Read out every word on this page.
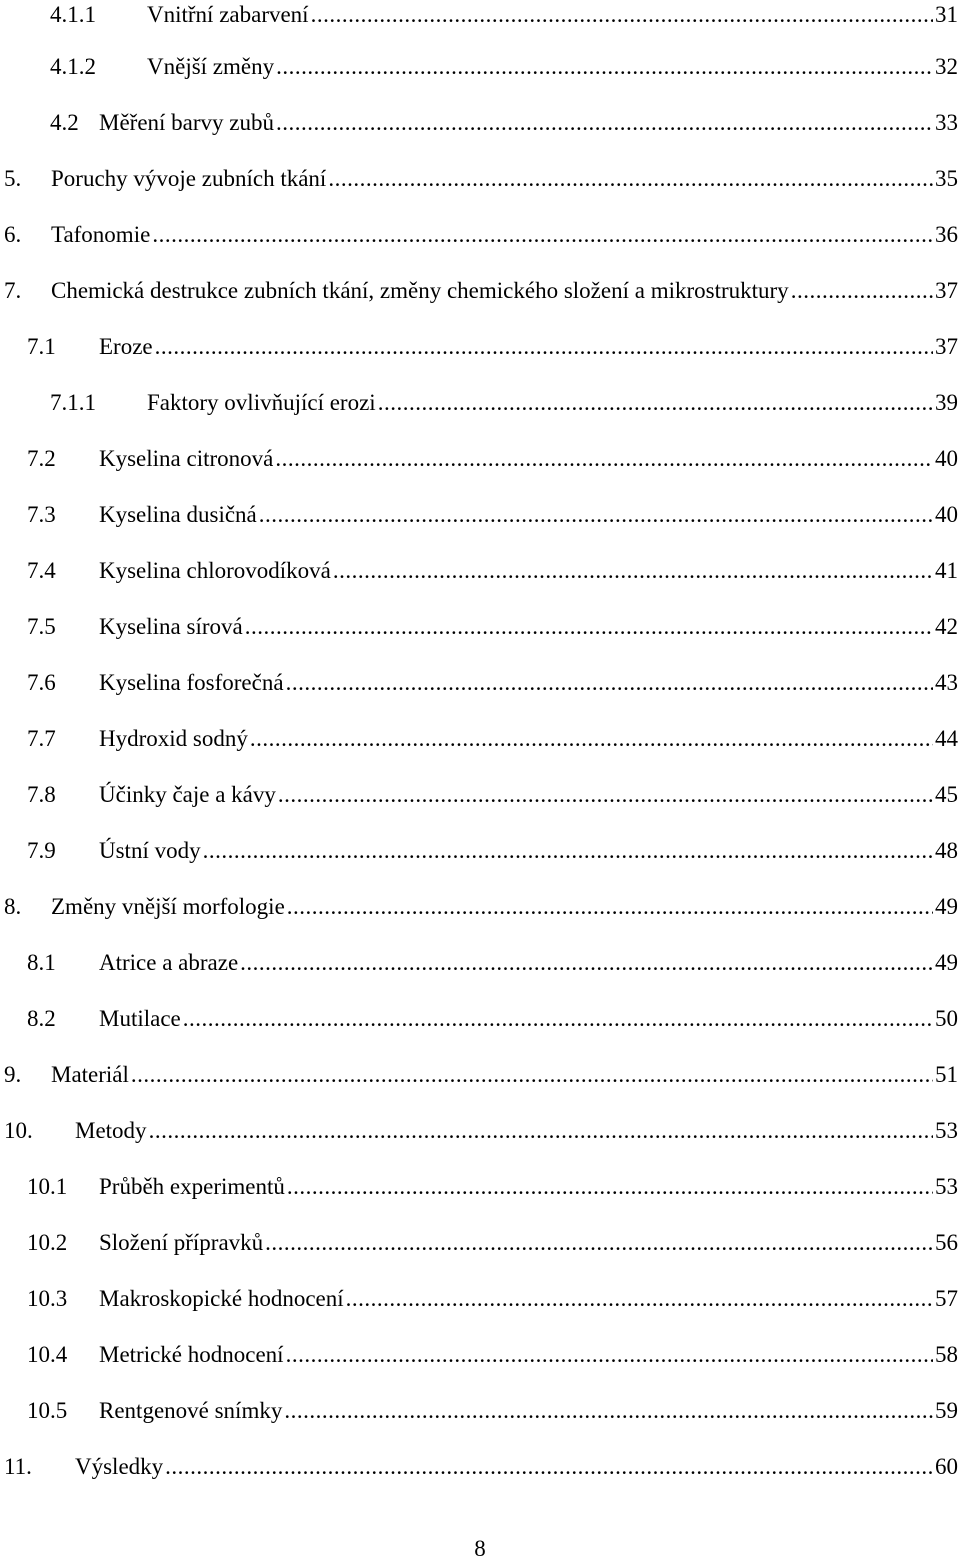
4.1.1	Vnitřní zabarvení .....	31
4.1.2	Vnější změny .....	32
4.2 Měření barvy zubů .....	33
5.	Poruchy vývoje zubních tkání .....	35
6.	Tafonomie .....	36
7.	Chemická destrukce zubních tkání, změny chemického složení a mikrostruktury .....	37
7.1	Eroze .....	37
7.1.1	Faktory ovlivňující erozi .....	39
7.2	Kyselina citronová .....	40
7.3	Kyselina dusičná .....	40
7.4	Kyselina chlorovodíková .....	41
7.5	Kyselina sírová .....	42
7.6	Kyselina fosforečná .....	43
7.7	Hydroxid sodný .....	44
7.8	Účinky čaje a kávy .....	45
7.9	Ústní vody .....	48
8.	Změny vnější morfologie .....	49
8.1	Atrice a abraze .....	49
8.2	Mutilace .....	50
9.	Materiál .....	51
10.	Metody .....	53
10.1	Průběh experimentů .....	53
10.2	Složení přípravků .....	56
10.3	Makroskopické hodnocení .....	57
10.4	Metrické hodnocení .....	58
10.5	Rentgenové snímky .....	59
11.	Výsledky .....	60
8
